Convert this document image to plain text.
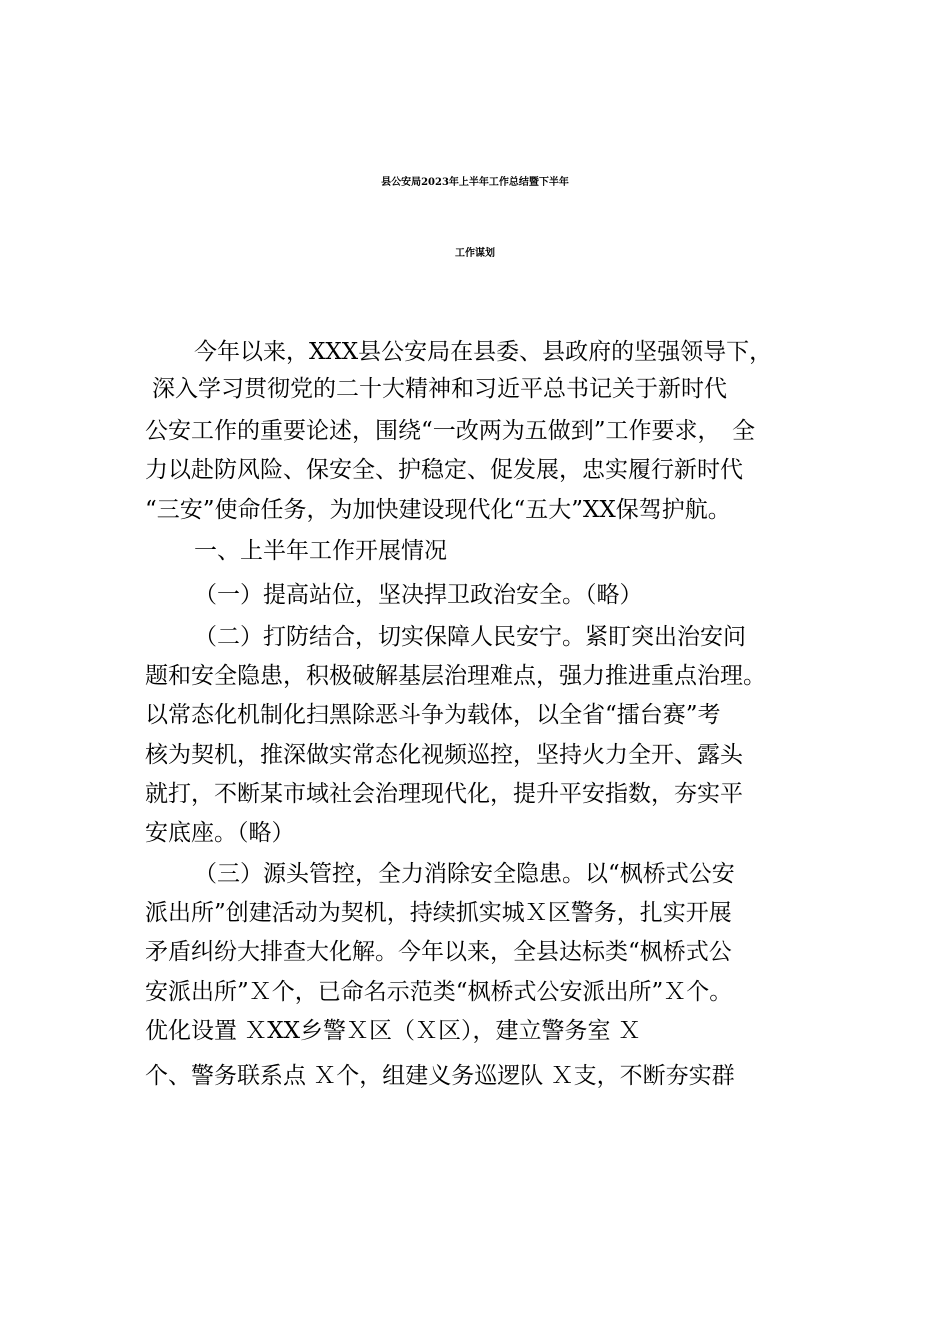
县公安局2023年上半年工作总结暨下半年
工作谋划
今年以来，XXX县公安局在县委、县政府的坚强领导下，
深入学习贯彻党的二十大精神和习近平总书记关于新时代
公安工作的重要论述，围绕“一改两为五做到”工作要求，　全
力以赴防风险、保安全、护稳定、促发展，忠实履行新时代
“三安”使命任务，为加快建设现代化“五大”XX保驾护航。
一、上半年工作开展情况
（一）提高站位，坚决捍卫政治安全。（略）
（二）打防结合，切实保障人民安宁。紧盯突出治安问
题和安全隐患，积极破解基层治理难点，强力推进重点治理。
以常态化机制化扫黑除恶斗争为载体，以全省“擂台赛”考
核为契机，推深做实常态化视频巡控，坚持火力全开、露头
就打，不断某市域社会治理现代化，提升平安指数，夯实平
安底座。（略）
（三）源头管控，全力消除安全隐患。以“枫桥式公安
派出所”创建活动为契机，持续抓实城Ｘ区警务，扎实开展
矛盾纠纷大排查大化解。今年以来，全县达标类“枫桥式公
安派出所”Ｘ个，已命名示范类“枫桥式公安派出所”Ｘ个。
优化设置 ＸXX乡警Ｘ区（Ｘ区），建立警务室 Ｘ
个、警务联系点 Ｘ个，组建义务巡逻队 Ｘ支，不断夯实群
